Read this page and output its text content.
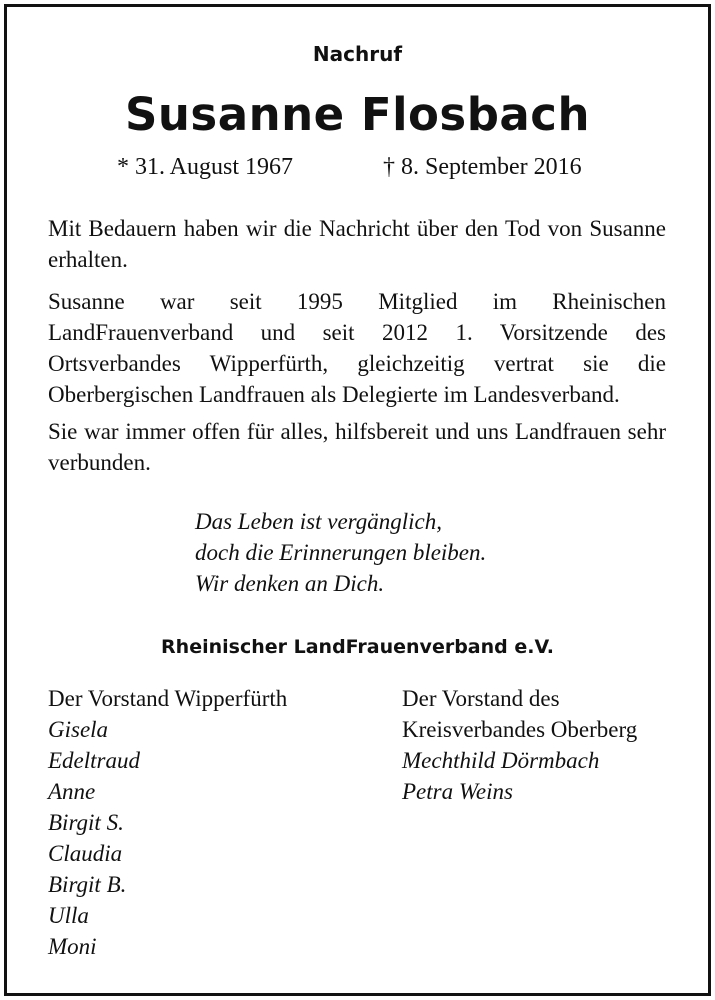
Nachruf
Susanne Flosbach
* 31. August 1967	† 8. September 2016
Mit Bedauern haben wir die Nachricht über den Tod von Susanne erhalten.
Susanne war seit 1995 Mitglied im Rheinischen LandFrauenverband und seit 2012 1. Vorsitzende des Ortsverbandes Wipperfürth, gleichzeitig vertrat sie die Oberbergischen Landfrauen als Delegierte im Landesverband.
Sie war immer offen für alles, hilfsbereit und uns Landfrauen sehr verbunden.
Das Leben ist vergänglich,
doch die Erinnerungen bleiben.
Wir denken an Dich.
Rheinischer LandFrauenverband e.V.
Der Vorstand Wipperfürth
Gisela
Edeltraud
Anne
Birgit S.
Claudia
Birgit B.
Ulla
Moni
Der Vorstand des
Kreisverbandes Oberberg
Mechthild Dörmbach
Petra Weins
